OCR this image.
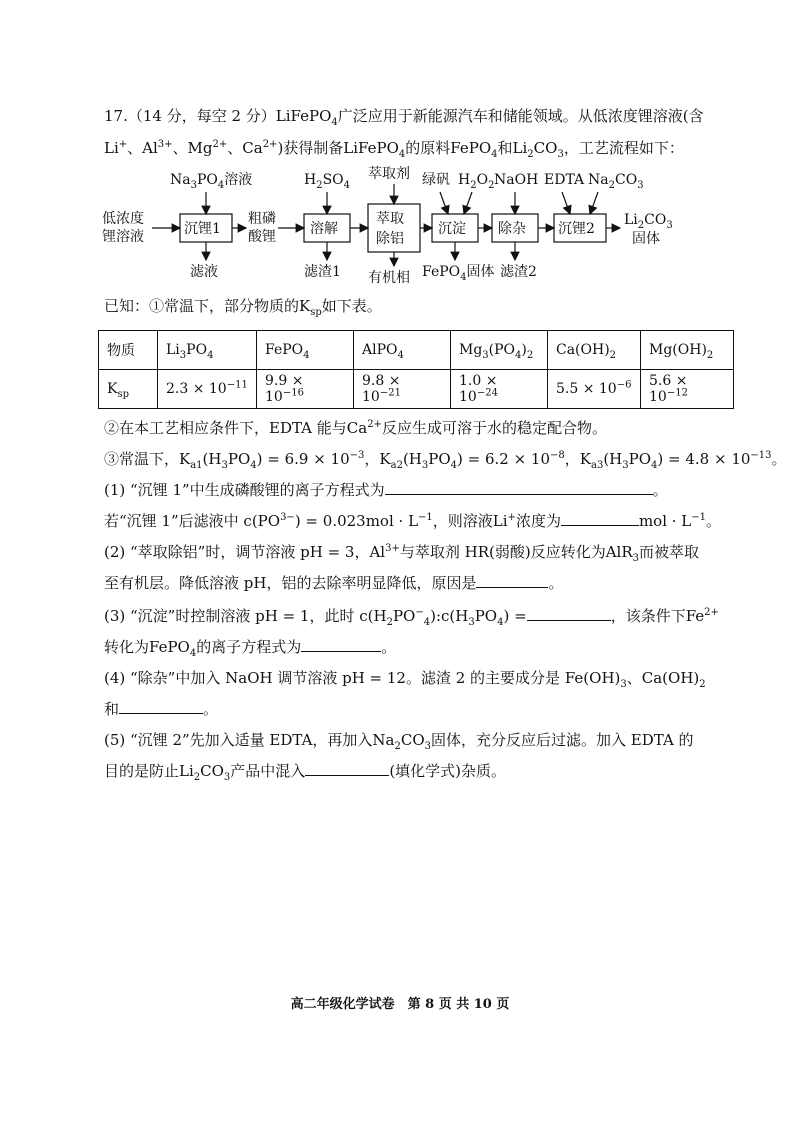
17.（14 分，每空 2 分）LiFePO$_4$广泛应用于新能源汽车和储能领域。从低浓度锂溶液(含
Li+、$Al^{3+}$、$Mg^{2+}$、$Ca^{2+}$)获得制备LiFePO$_4$的原料FePO$_4$和$Li_2CO_3$，工艺流程如下：
低浓度
锂溶液	沉锂1
$Na_3PO_4$溶液
滤液
粗磷
酸锂 溶解
$H_2SO_4$
滤渣1
萃取
除铝
萃取剂
有机相
沉淀
绿矾 $H_2O_2$
FePO$_4$固体
除杂
NaOH
滤渣2
沉锂2
EDTA $Na_2CO_3$
$Li_2CO_3$
固体
已知：①常温下，部分物质的$K_{sp}$如下表。
物质	$Li_3PO_4$	FePO$_4$	AlPO$_4$	$Mg_3(PO_4)_2$	$Ca(OH)_2$	$Mg(OH)_2$
$K_{sp}$	$2.3 \times 10^{-11}$	$9.9 \times 10^{-16}$	$9.8 \times 10^{-21}$	$1.0 \times 10^{-24}$	$5.5 \times 10^{-6}$	$5.6 \times 10^{-12}$
②在本工艺相应条件下，EDTA 能与$Ca^{2+}$反应生成可溶于水的稳定配合物。
③常温下，$K_{a1}(H_3PO_4) = 6.9 \times 10^{-3}$，$K_{a2}(H_3PO_4) = 6.2 \times 10^{-8}$，$K_{a3}(H_3PO_4) = 4.8 \times 10^{-13}$。
(1) “沉锂 1”中生成磷酸锂的离子方程式为	。
若“沉锂 1”后滤液中 $c(PO^{3-}) = 0.023mol \cdot L^{-1}$，则溶液Li+浓度为	mol · $L^{-1}$。
(2) “萃取除铝”时，调节溶液 pH = 3，$Al^{3+}$与萃取剂 HR(弱酸)反应转化为AlR$_3$而被萃取
至有机层。降低溶液 pH，铝的去除率明显降低，原因是	。
(3) “沉淀”时控制溶液 pH = 1，此时 $c(H_2PO^-_4):c(H_3PO_4)$ =	，该条件下$Fe^{2+}$
转化为FePO$_4$的离子方程式为	。
(4) “除杂”中加入 NaOH 调节溶液 pH = 12。滤渣 2 的主要成分是 $Fe(OH)_3$、$Ca(OH)_2$
和	。
(5) “沉锂 2”先加入适量 EDTA，再加入$Na_2CO_3$固体，充分反应后过滤。加入 EDTA 的
目的是防止$Li_2CO_3$产品中混入	(填化学式)杂质。
高二年级化学试卷　第 8 页 共 10 页
